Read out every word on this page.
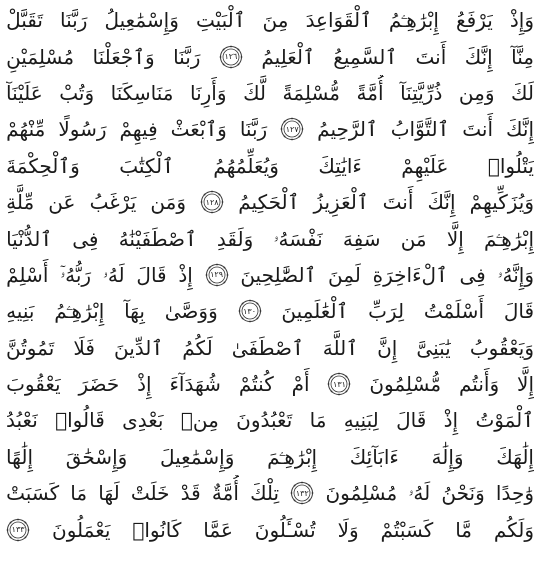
وَإِذْ
يَرْفَعُ
إِبْرَٰهِـۧمُ
ٱلْقَوَاعِدَ
مِنَ
ٱلْبَيْتِ
وَإِسْمَٰعِيلُ
رَبَّنَا
تَقَبَّلْ
مِنَّآ
إِنَّكَ
أَنتَ
ٱلسَّمِيعُ
ٱلْعَلِيمُ
١٢٦
رَبَّنَا
وَٱجْعَلْنَا
مُسْلِمَيْنِ
لَكَ
وَمِن
ذُرِّيَّتِنَآ
أُمَّةً
مُّسْلِمَةً
لَّكَ
وَأَرِنَا
مَنَاسِكَنَا
وَتُبْ
عَلَيْنَآ
إِنَّكَ
أَنتَ
ٱلتَّوَّابُ
ٱلرَّحِيمُ
١٢٧
رَبَّنَا
وَٱبْعَثْ
فِيهِمْ
رَسُولًا
مِّنْهُمْ
يَتْلُوا۟
عَلَيْهِمْ
ءَايَٰتِكَ
وَيُعَلِّمُهُمُ
ٱلْكِتَٰبَ
وَٱلْحِكْمَةَ
وَيُزَكِّيهِمْ
إِنَّكَ
أَنتَ
ٱلْعَزِيزُ
ٱلْحَكِيمُ
١٢٨
وَمَن
يَرْغَبُ
عَن
مِّلَّةِ
إِبْرَٰهِـۧمَ
إِلَّا
مَن
سَفِهَ
نَفْسَهُۥ
وَلَقَدِ
ٱصْطَفَيْنَٰهُ
فِى
ٱلدُّنْيَا
وَإِنَّهُۥ
فِى
ٱلْءَاخِرَةِ
لَمِنَ
ٱلصَّٰلِحِينَ
١٢٩
إِذْ
قَالَ
لَهُۥ
رَبُّهُۥٓ
أَسْلِمْ
قَالَ
أَسْلَمْتُ
لِرَبِّ
ٱلْعَٰلَمِينَ
١٣٠
وَوَصَّىٰ
بِهَآ
إِبْرَٰهِـۧمُ
بَنِيهِ
وَيَعْقُوبُ
يَٰبَنِىَّ
إِنَّ
ٱللَّهَ
ٱصْطَفَىٰ
لَكُمُ
ٱلدِّينَ
فَلَا
تَمُوتُنَّ
إِلَّا
وَأَنتُم
مُّسْلِمُونَ
١٣١
أَمْ
كُنتُمْ
شُهَدَآءَ
إِذْ
حَضَرَ
يَعْقُوبَ
ٱلْمَوْتُ
إِذْ
قَالَ
لِبَنِيهِ
مَا
تَعْبُدُونَ
مِنۢ
بَعْدِى
قَالُوا۟
نَعْبُدُ
إِلَٰهَكَ
وَإِلَٰهَ
ءَابَآئِكَ
إِبْرَٰهِـۧمَ
وَإِسْمَٰعِيلَ
وَإِسْحَٰقَ
إِلَٰهًا
وَٰحِدًا
وَنَحْنُ
لَهُۥ
مُسْلِمُونَ
١٣٢
تِلْكَ
أُمَّةٌ
قَدْ
خَلَتْ
لَهَا
مَا
كَسَبَتْ
وَلَكُم
مَّا
كَسَبْتُمْ
وَلَا
تُسْـَٔلُونَ
عَمَّا
كَانُوا۟
يَعْمَلُونَ
١٣٣
